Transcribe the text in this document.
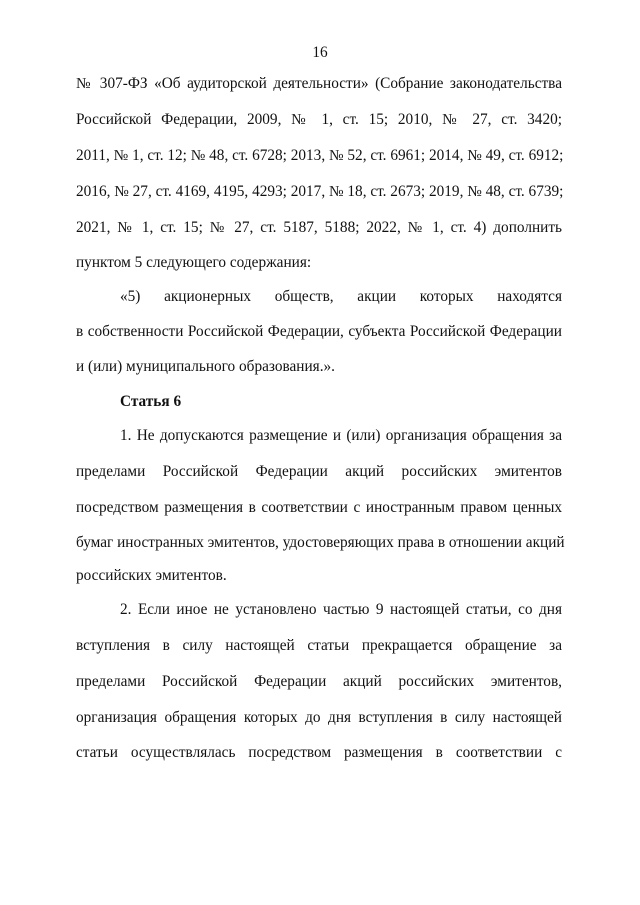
16
№ 307-ФЗ «Об аудиторской деятельности» (Собрание законодательства
Российской Федерации, 2009, № 1, ст. 15; 2010, № 27, ст. 3420;
2011, № 1, ст. 12; № 48, ст. 6728; 2013, № 52, ст. 6961; 2014, № 49, ст. 6912;
2016, № 27, ст. 4169, 4195, 4293; 2017, № 18, ст. 2673; 2019, № 48, ст. 6739;
2021, № 1, ст. 15; № 27, ст. 5187, 5188; 2022, № 1, ст. 4) дополнить
пунктом 5 следующего содержания:
«5) акционерных обществ, акции которых находятся
в собственности Российской Федерации, субъекта Российской Федерации
и (или) муниципального образования.».
Статья 6
1. Не допускаются размещение и (или) организация обращения за
пределами Российской Федерации акций российских эмитентов
посредством размещения в соответствии с иностранным правом ценных
бумаг иностранных эмитентов, удостоверяющих права в отношении акций
российских эмитентов.
2. Если иное не установлено частью 9 настоящей статьи, со дня
вступления в силу настоящей статьи прекращается обращение за
пределами Российской Федерации акций российских эмитентов,
организация обращения которых до дня вступления в силу настоящей
статьи осуществлялась посредством размещения в соответствии с
